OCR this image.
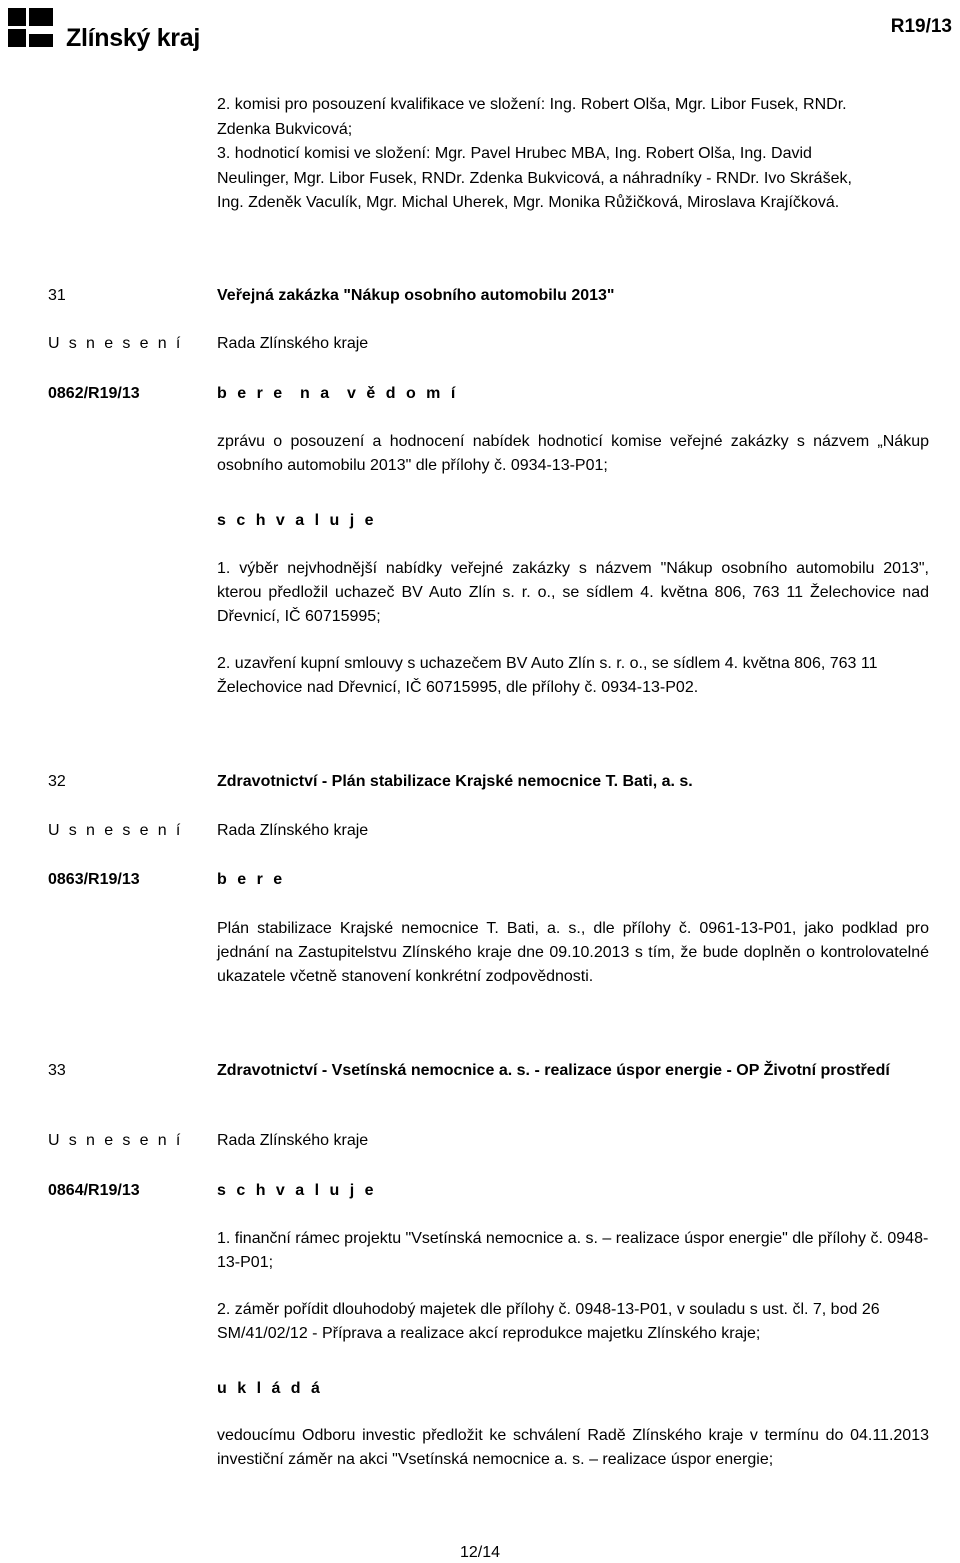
Zlínský kraj	R19/13
2. komisi pro posouzení kvalifikace ve složení: Ing. Robert Olša, Mgr. Libor Fusek, RNDr.
Zdenka Bukvicová;
3. hodnoticí komisi ve složení: Mgr. Pavel Hrubec MBA, Ing. Robert Olša, Ing. David
Neulinger, Mgr. Libor Fusek, RNDr. Zdenka Bukvicová, a náhradníky - RNDr. Ivo Skrášek,
Ing. Zdeněk Vaculík, Mgr. Michal Uherek, Mgr. Monika Růžičková, Miroslava Krajíčková.
31	Veřejná zakázka "Nákup osobního automobilu 2013"
U s n e s e n í Rada Zlínského kraje
0862/R19/13	b e r e  n a  v ě d o m í
zprávu o posouzení a hodnocení nabídek hodnoticí komise veřejné zakázky s názvem „Nákup osobního automobilu 2013" dle přílohy č. 0934-13-P01;
s c h v a l u j e
1. výběr nejvhodnější nabídky veřejné zakázky s názvem "Nákup osobního automobilu 2013", kterou předložil uchazeč BV Auto Zlín s. r. o., se sídlem 4. května 806, 763 11 Želechovice nad Dřevnicí, IČ 60715995;
2. uzavření kupní smlouvy s uchazečem BV Auto Zlín s. r. o., se sídlem 4. května 806, 763 11 Želechovice nad Dřevnicí, IČ 60715995, dle přílohy č. 0934-13-P02.
32	Zdravotnictví - Plán stabilizace Krajské nemocnice T. Bati, a. s.
U s n e s e n í Rada Zlínského kraje
0863/R19/13	b e r e
Plán stabilizace Krajské nemocnice T. Bati, a. s., dle přílohy č. 0961-13-P01, jako podklad pro jednání na Zastupitelstvu Zlínského kraje dne 09.10.2013 s tím, že bude doplněn o kontrolovatelné ukazatele včetně stanovení konkrétní zodpovědnosti.
33	Zdravotnictví - Vsetínská nemocnice a. s. - realizace úspor energie - OP Životní prostředí
U s n e s e n í Rada Zlínského kraje
0864/R19/13	s c h v a l u j e
1. finanční rámec projektu "Vsetínská nemocnice a. s. – realizace úspor energie" dle přílohy č. 0948-13-P01;
2. záměr pořídit dlouhodobý majetek dle přílohy č. 0948-13-P01, v souladu s ust. čl. 7, bod 26 SM/41/02/12 - Příprava a realizace akcí reprodukce majetku Zlínského kraje;
u k l á d á
vedoucímu Odboru investic předložit ke schválení Radě Zlínského kraje v termínu do 04.11.2013 investiční záměr na akci "Vsetínská nemocnice a. s. – realizace úspor energie;
12/14
